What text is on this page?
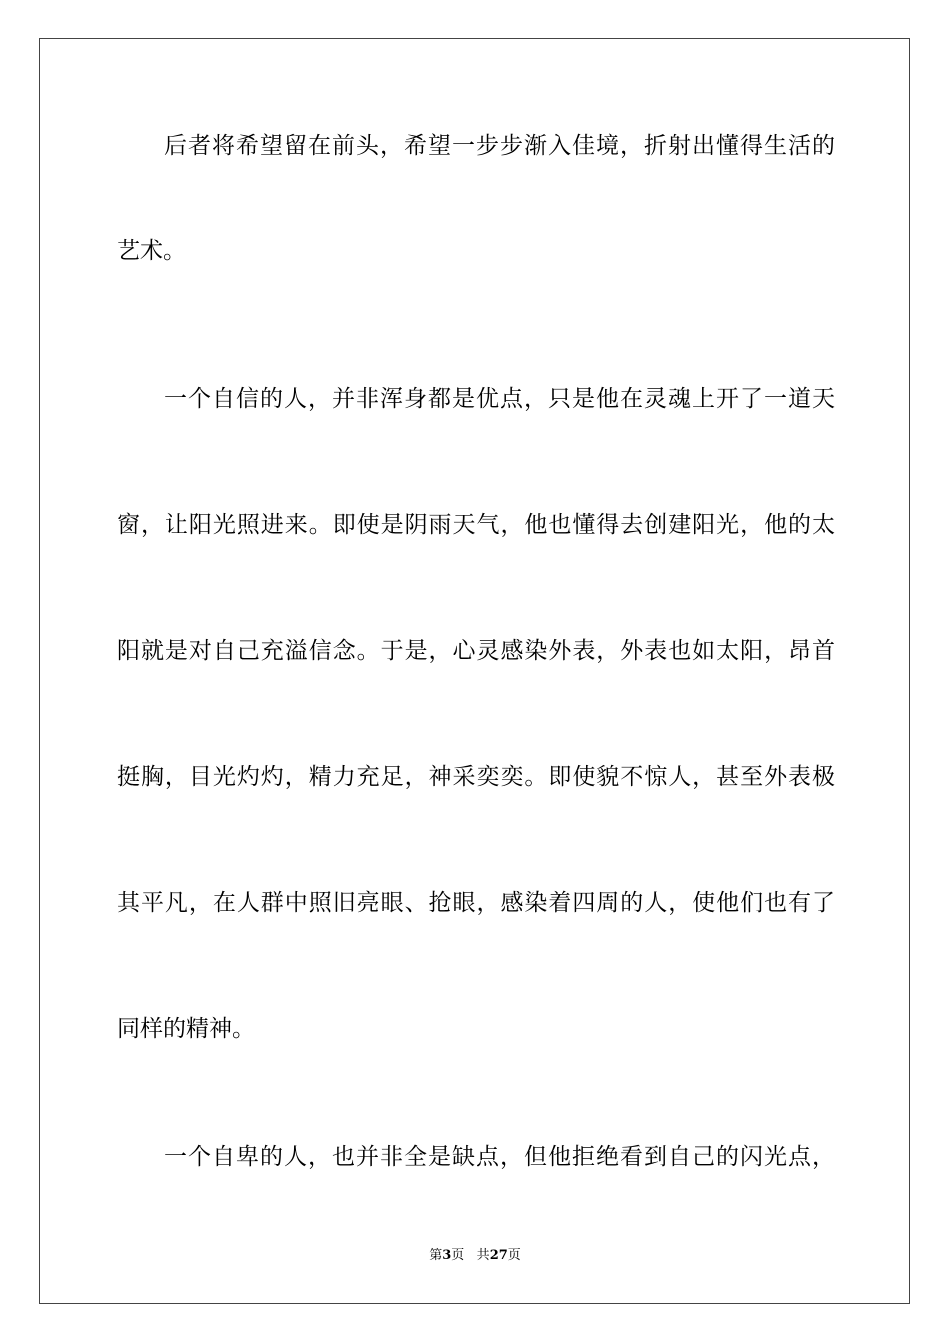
后者将希望留在前头，希望一步步渐入佳境，折射出懂得生活的
艺术。
一个自信的人，并非浑身都是优点，只是他在灵魂上开了一道天
窗，让阳光照进来。即使是阴雨天气，他也懂得去创建阳光，他的太
阳就是对自己充溢信念。于是，心灵感染外表，外表也如太阳，昂首
挺胸，目光灼灼，精力充足，神采奕奕。即使貌不惊人，甚至外表极
其平凡，在人群中照旧亮眼、抢眼，感染着四周的人，使他们也有了
同样的精神。
一个自卑的人，也并非全是缺点，但他拒绝看到自己的闪光点，
第3页 共27页
